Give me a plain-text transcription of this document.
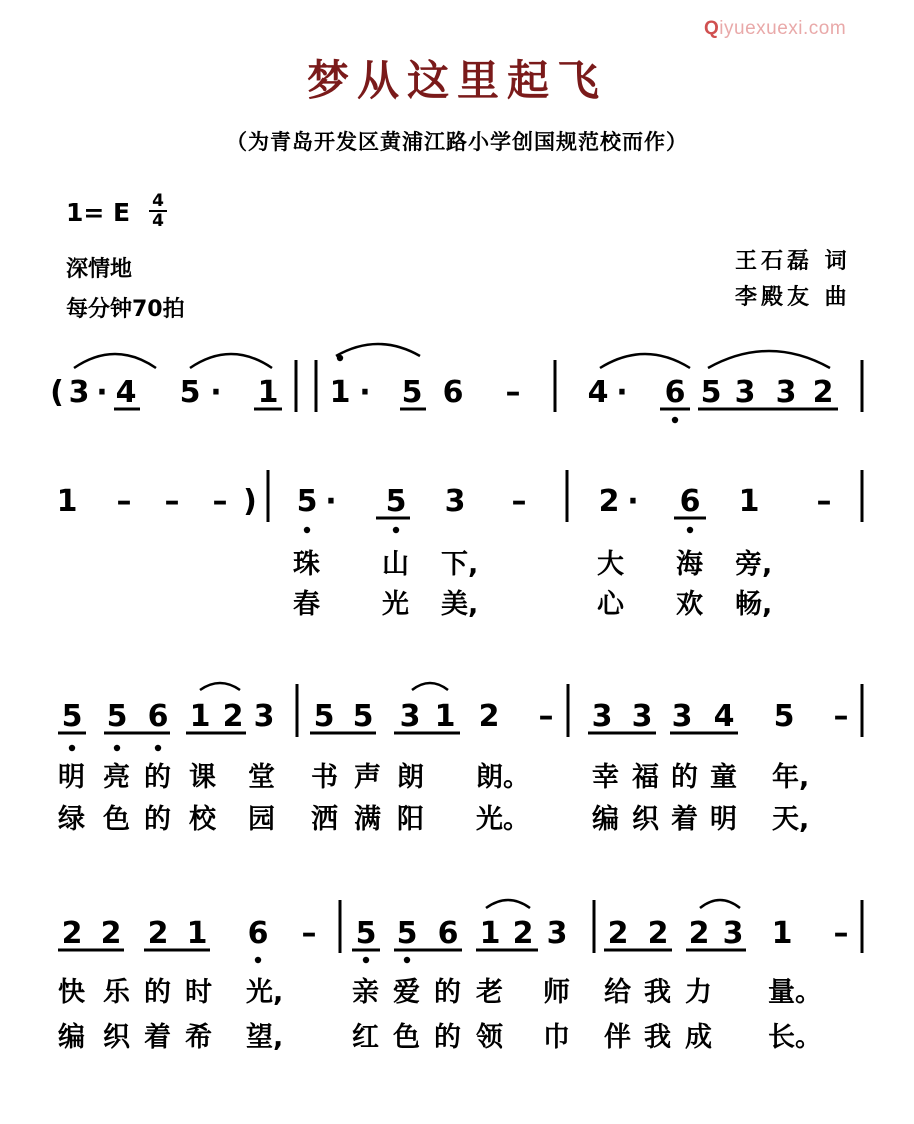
Qiyuexuexi.com
梦从这里起飞
（为青岛开发区黄浦江路小学创国规范校而作）
1= E	4
4
深情地
每分钟70拍
王石磊 词
李殿友 曲
( 3 · 4 5 · 1 1 · 5 6 – 4 · 6 5 3 3 2
1 – – – ) 5 · 5 3 – 2 · 6 1 –
5 5 6 1 2 3 5 5 3 1 2 – 3 3 3 4 5 –
2 2 2 1 6 – 5 5 6 1 2 3 2 2 2 3 1 –
珠 山 下,	大 海 旁,
春 光 美,	心 欢 畅,
明 亮 的 课 堂 书 声 朗 朗。 幸 福 的 童 年,
绿 色 的 校 园 洒 满 阳 光。 编 织 着 明 天,
快 乐 的 时 光,	亲 爱 的 老 师 给 我 力 量。
编 织 着 希 望,	红 色 的 领 巾 伴 我 成 长。
